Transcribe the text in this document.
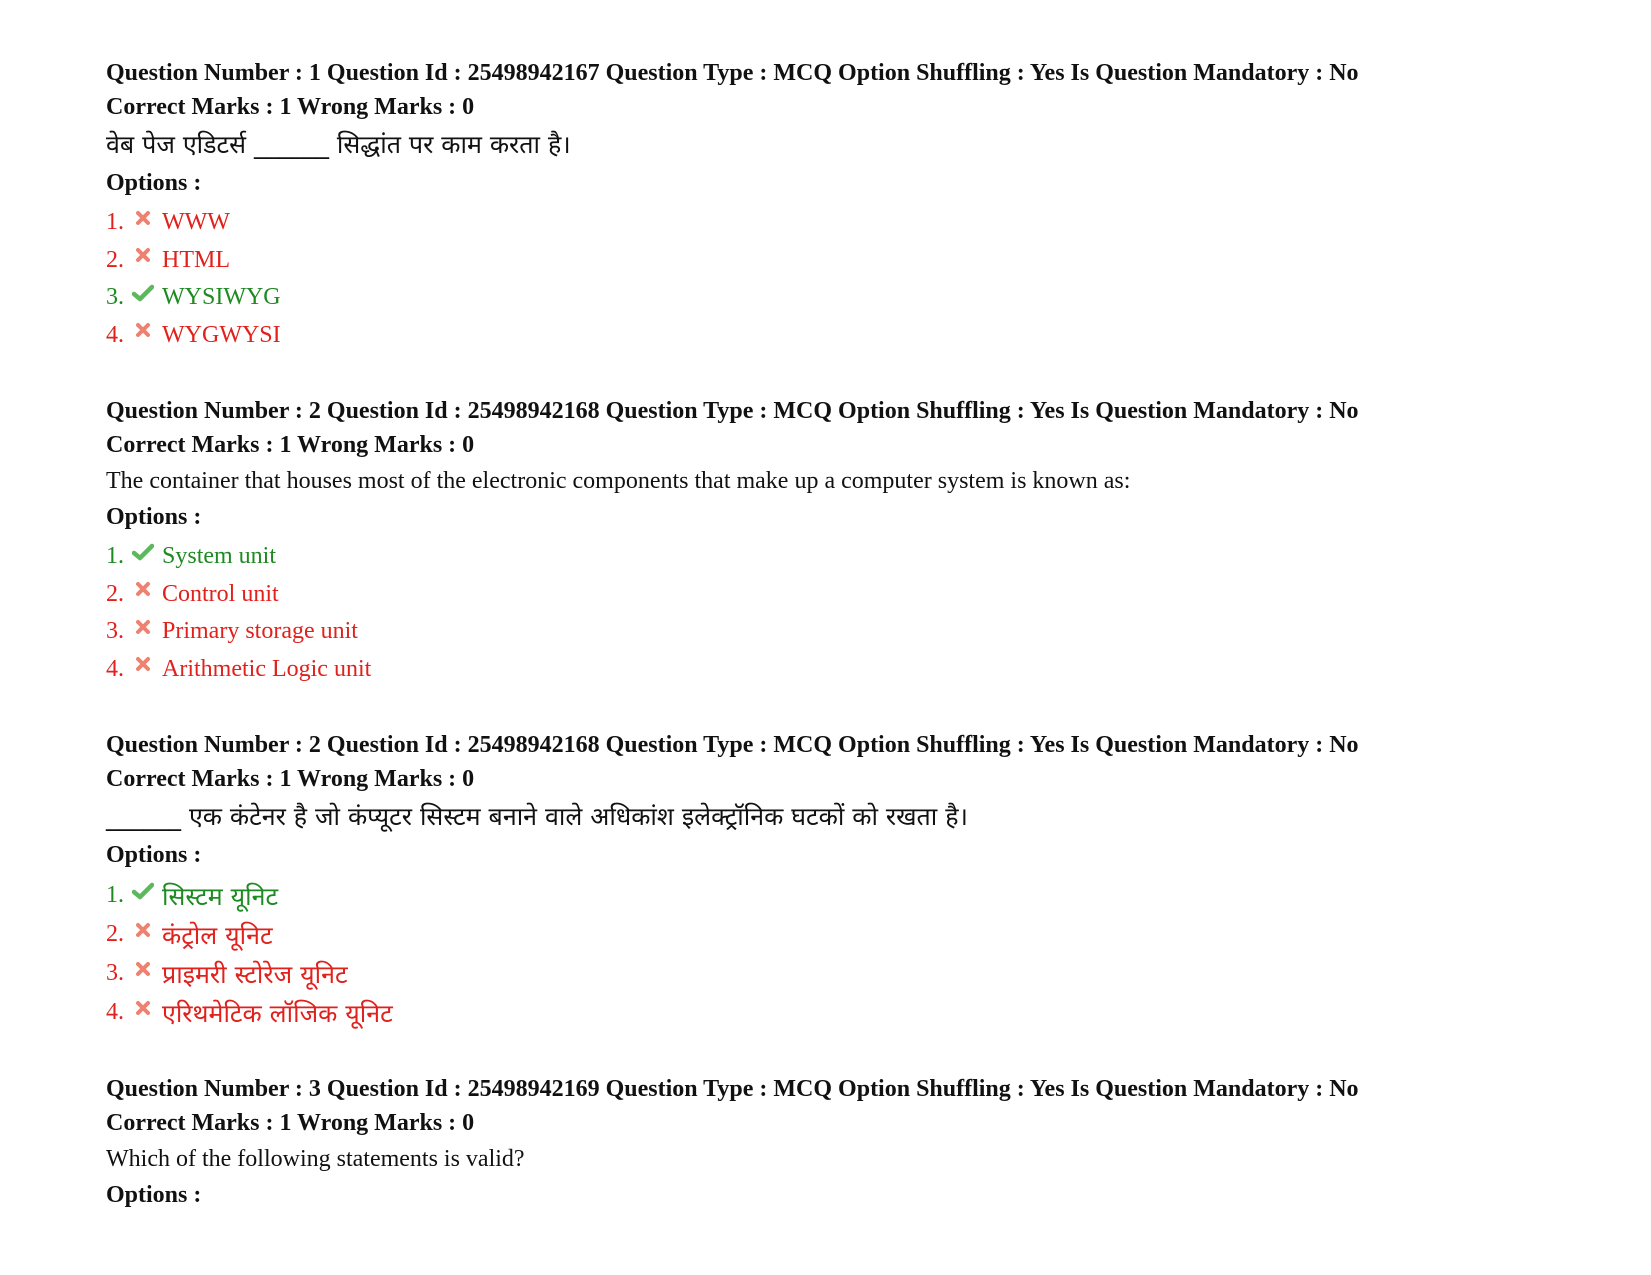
Question Number : 1 Question Id : 25498942167 Question Type : MCQ Option Shuffling : Yes Is Question Mandatory : No
Correct Marks : 1 Wrong Marks : 0
वेब पेज एडिटर्स ______ सिद्धांत पर काम करता है।
Options :
1.	WWW
2.	HTML
3.	WYSIWYG
4.	WYGWYSI
Question Number : 2 Question Id : 25498942168 Question Type : MCQ Option Shuffling : Yes Is Question Mandatory : No
Correct Marks : 1 Wrong Marks : 0
The container that houses most of the electronic components that make up a computer system is known as:
Options :
1.	System unit
2.	Control unit
3.	Primary storage unit
4.	Arithmetic Logic unit
Question Number : 2 Question Id : 25498942168 Question Type : MCQ Option Shuffling : Yes Is Question Mandatory : No
Correct Marks : 1 Wrong Marks : 0
______ एक कंटेनर है जो कंप्यूटर सिस्टम बनाने वाले अधिकांश इलेक्ट्रॉनिक घटकों को रखता है।
Options :
1.	सिस्टम यूनिट
2.	कंट्रोल यूनिट
3.	प्राइमरी स्टोरेज यूनिट
4.	एरिथमेटिक लॉजिक यूनिट
Question Number : 3 Question Id : 25498942169 Question Type : MCQ Option Shuffling : Yes Is Question Mandatory : No
Correct Marks : 1 Wrong Marks : 0
Which of the following statements is valid?
Options :
